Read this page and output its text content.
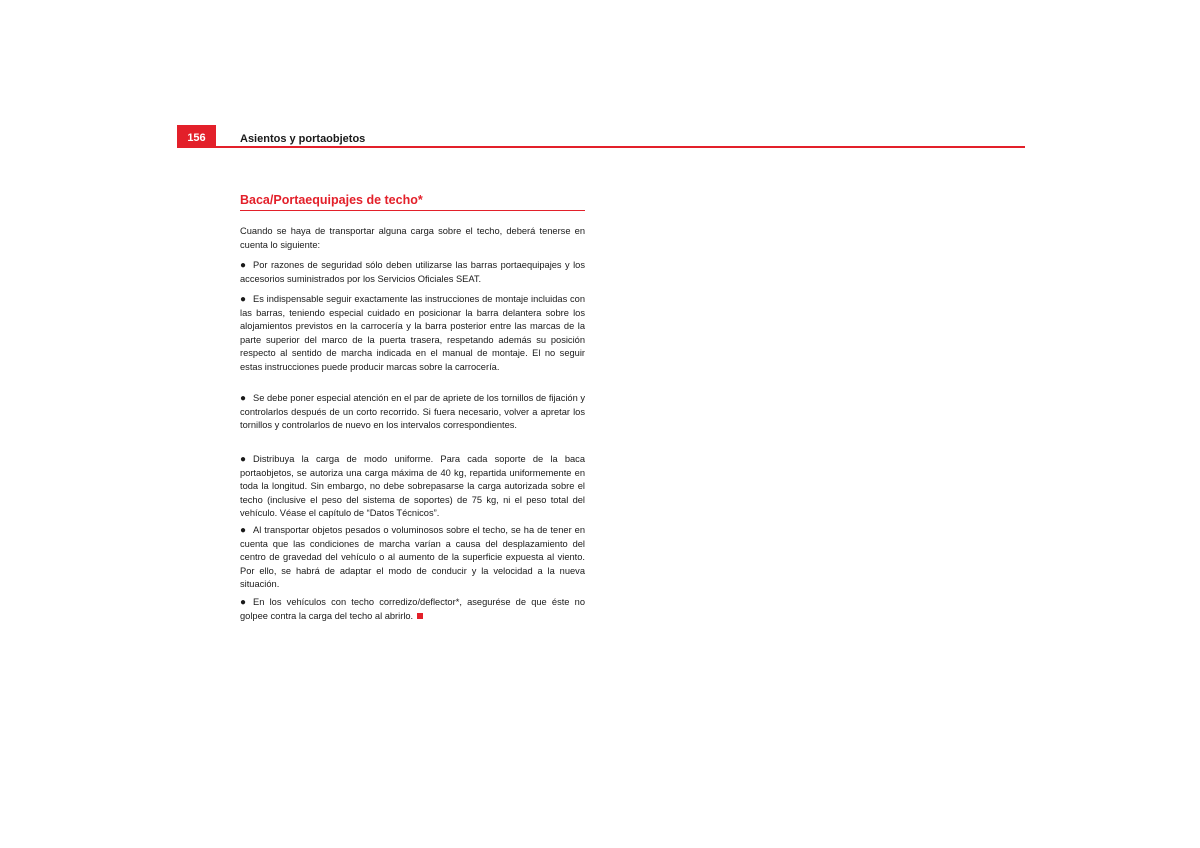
156	Asientos y portaobjetos
Baca/Portaequipajes de techo*

Cuando se haya de transportar alguna carga sobre el techo, deberá tenerse en cuenta lo siguiente:

● Por razones de seguridad sólo deben utilizarse las barras portaequipajes y los accesorios suministrados por los Servicios Oficiales SEAT.

● Es indispensable seguir exactamente las instrucciones de montaje incluidas con las barras, teniendo especial cuidado en posicionar la barra delantera sobre los alojamientos previstos en la carrocería y la barra posterior entre las marcas de la parte superior del marco de la puerta trasera, respetando además su posición respecto al sentido de marcha indicada en el manual de montaje. El no seguir estas instrucciones puede producir marcas sobre la carrocería.

● Se debe poner especial atención en el par de apriete de los tornillos de fijación y controlarlos después de un corto recorrido. Si fuera necesario, volver a apretar los tornillos y controlarlos de nuevo en los intervalos correspondientes.

● Distribuya la carga de modo uniforme. Para cada soporte de la baca portaobjetos, se autoriza una carga máxima de 40 kg, repartida uniformemente en toda la longitud. Sin embargo, no debe sobrepasarse la carga autorizada sobre el techo (inclusive el peso del sistema de soportes) de 75 kg, ni el peso total del vehículo. Véase el capítulo de “Datos Técnicos”.

● Al transportar objetos pesados o voluminosos sobre el techo, se ha de tener en cuenta que las condiciones de marcha varían a causa del desplazamiento del centro de gravedad del vehículo o al aumento de la superficie expuesta al viento. Por ello, se habrá de adaptar el modo de conducir y la velocidad a la nueva situación.

● En los vehículos con techo corredizo/deflector*, asegurése de que éste no golpee contra la carga del techo al abrirlo.
